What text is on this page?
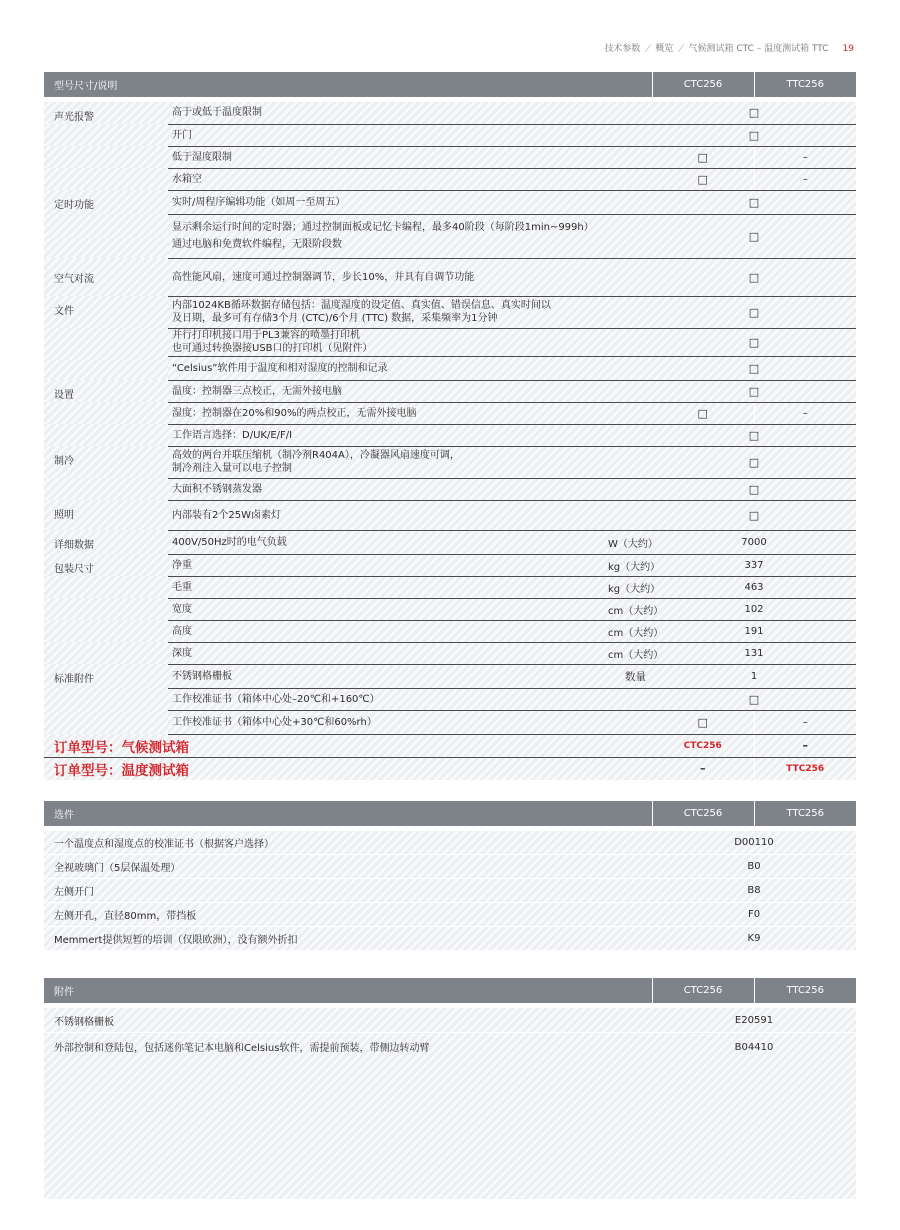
技术参数 / 概览 / 气候测试箱 CTC – 温度测试箱 TTC 19
型号尺寸/说明			CTC256	TTC256

声光报警	高于或低于温度限制		□	
	开门		□	
	低于湿度限制		□	–
	水箱空		□	–
定时功能	实时/周程序编辑功能（如周一至周五）		□	

	显示剩余运行时间的定时器；通过控制面板或记忆卡编程，最多40阶段（每阶段1min~999h）
通过电脑和免费软件编程，无限阶段数		□	
空气对流	高性能风扇，速度可通过控制器调节，步长10%，并具有自调节功能		□	
文件	内部1024KB循环数据存储包括：温度湿度的设定值、真实值、错误信息、真实时间以
及日期，最多可有存储3个月 (CTC)/6个月 (TTC) 数据，采集频率为1分钟		□	

	并行打印机接口用于PL3兼容的喷墨打印机
也可通过转换器接USB口的打印机（见附件）		□	
	“Celsius”软件用于温度和相对湿度的控制和记录		□	
设置	温度：控制器三点校正，无需外接电脑		□	
	湿度：控制器在20%和90%的两点校正，无需外接电脑		□	–
	工作语言选择：D/UK/E/F/I		□	
制冷	高效的两台并联压缩机（制冷剂R404A），冷凝器风扇速度可调，
制冷剂注入量可以电子控制		□	
	大面积不锈钢蒸发器		□	
照明	内部装有2个25W卤素灯		□	
详细数据	400V/50Hz时的电气负载	W（大约）	7000	
包装尺寸	净重	kg（大约）	337	
	毛重	kg（大约）	463	
	宽度	cm（大约）	102	
	高度	cm（大约）	191	
	深度	cm（大约）	131	
标准附件	不锈钢格栅板	数量	1	
	工作校准证书（箱体中心处–20℃和+160℃）		□	
	工作校准证书（箱体中心处+30℃和60%rh）		□	–
订单型号：气候测试箱			CTC256	–
订单型号：温度测试箱			–	TTC256
选件	CTC256	TTC256

一个温度点和湿度点的校准证书（根据客户选择）	D00110	
全视玻璃门（5层保温处理）	B0	
左侧开门	B8	
左侧开孔，直径80mm，带挡板	F0	
Memmert提供短暂的培训（仅限欧洲），没有额外折扣	K9	
附件	CTC256	TTC256

不锈钢格栅板	E20591	
外部控制和登陆包，包括迷你笔记本电脑和Celsius软件，需提前预装，带侧边转动臂	B04410	
